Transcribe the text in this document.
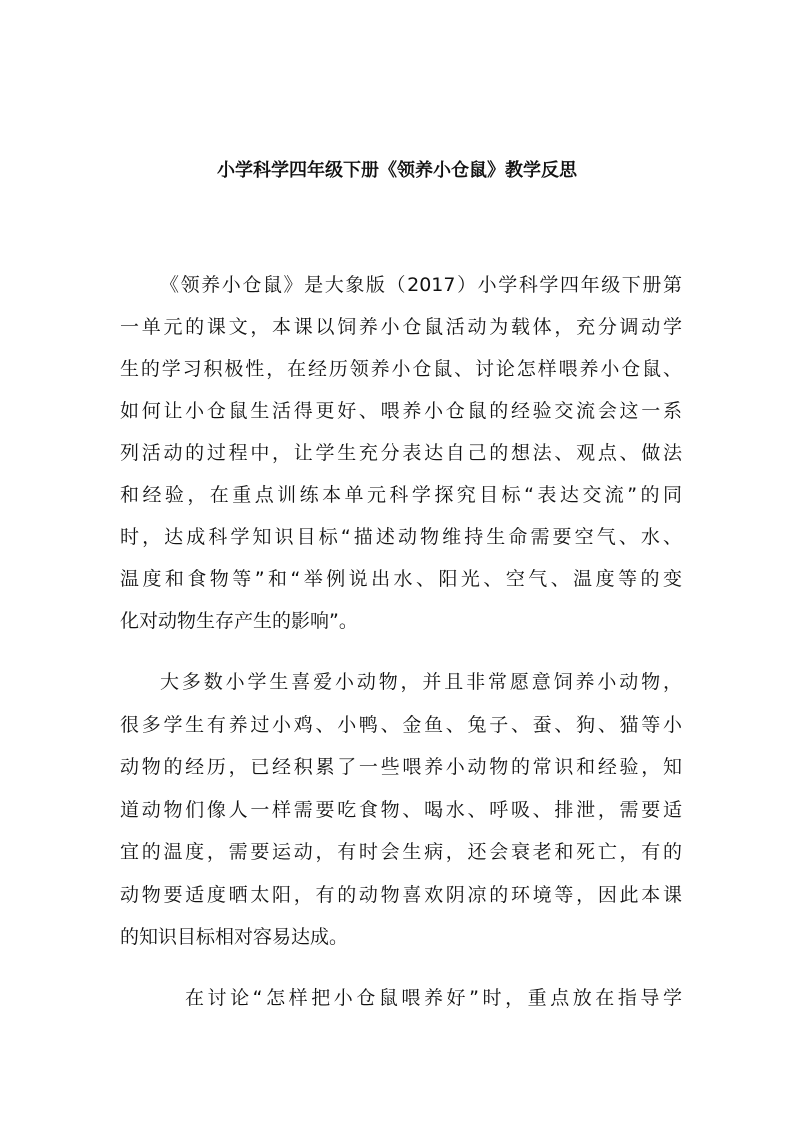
小学科学四年级下册《领养小仓鼠》教学反思
《领养小仓鼠》是大象版（2017）小学科学四年级下册第
一单元的课文，本课以饲养小仓鼠活动为载体，充分调动学
生的学习积极性，在经历领养小仓鼠、讨论怎样喂养小仓鼠、
如何让小仓鼠生活得更好、喂养小仓鼠的经验交流会这一系
列活动的过程中，让学生充分表达自己的想法、观点、做法
和经验，在重点训练本单元科学探究目标“表达交流”的同
时，达成科学知识目标“描述动物维持生命需要空气、水、
温度和食物等”和“举例说出水、阳光、空气、温度等的变
化对动物生存产生的影响”。
大多数小学生喜爱小动物，并且非常愿意饲养小动物，
很多学生有养过小鸡、小鸭、金鱼、兔子、蚕、狗、猫等小
动物的经历，已经积累了一些喂养小动物的常识和经验，知
道动物们像人一样需要吃食物、喝水、呼吸、排泄，需要适
宜的温度，需要运动，有时会生病，还会衰老和死亡，有的
动物要适度晒太阳，有的动物喜欢阴凉的环境等，因此本课
的知识目标相对容易达成。
在讨论“怎样把小仓鼠喂养好”时，重点放在指导学
